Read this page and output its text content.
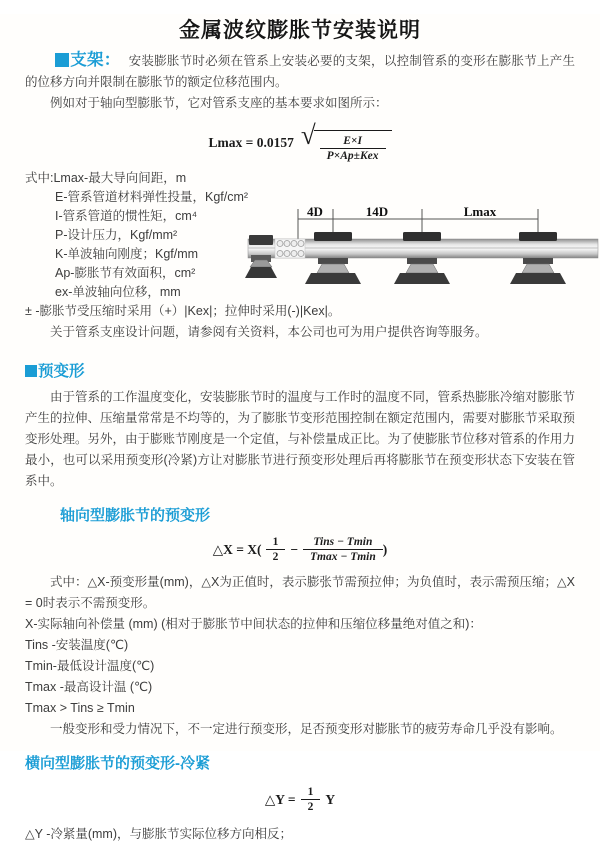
金属波纹膨胀节安装说明

支架： 安装膨胀节时必须在管系上安装必要的支架，以控制管系的变形在膨胀节上产生的位移方向并限制在膨胀节的额定位移范围内。

例如对于轴向型膨胀节，它对管系支座的基本要求如图所示：

Lmax = 0.0157 √ $\frac{E\times I}{\text{P×Ap±Kex}}$
式中:Lmax-最大导向间距，m
E-管系管道材料弹性投量，Kgf/cm²
I-管系管道的惯性矩，cm⁴
P-设计压力，Kgf/mm²
K-单波轴向刚度；Kgf/mm
Ap-膨胀节有效面积，cm²
ex-单波轴向位移，mm
4D	14D	Lmax

± -膨胀节受压缩时采用（+）|Kex|；拉伸时采用(-)|Kex|。

关于管系支座设计问题，请参阅有关资料，本公司也可为用户提供咨询等服务。

预变形

由于管系的工作温度变化，安装膨胀节时的温度与工作时的温度不同，管系热膨胀冷缩对膨胀节产生的拉伸、压缩量常常是不均等的，为了膨胀节变形范围控制在额定范围内，需要对膨胀节采取预变形处理。另外，由于膨账节刚度是一个定值，与补偿量成正比。为了使膨胀节位移对管系的作用力最小，也可以采用预变形(冷紧)方让对膨胀节进行预变形处理后再将膨胀节在预变形状态下安装在管系中。

轴向型膨胀节的预变形
△X = $X( \frac{1}{2} - \frac{\text{Tins − Tmin}}{Tmax - Tmin}$ )

式中：△X-预变形量(mm)，△X为正值时，表示膨张节需预拉伸；为负值时，表示需预压缩；△X = 0时表示不需预变形。

X-实际轴向补偿量 (mm) (相对于膨胀节中间状态的拉伸和压缩位移量绝对值之和)：

Tins -安装温度(℃)

Tmin-最低设计温度(℃)

Tmax -最高设计温 (℃)

Tmax > Tins ≥ Tmin

一般变形和受力情况下，不一定进行预变形，足否预变形对膨胀节的疲劳寿命几乎没有影响。

横向型膨胀节的预变形-冷紧
△Y = $\frac{1}{2}$ Y

△Y -冷紧量(mm)，与膨胀节实际位移方向相反；
